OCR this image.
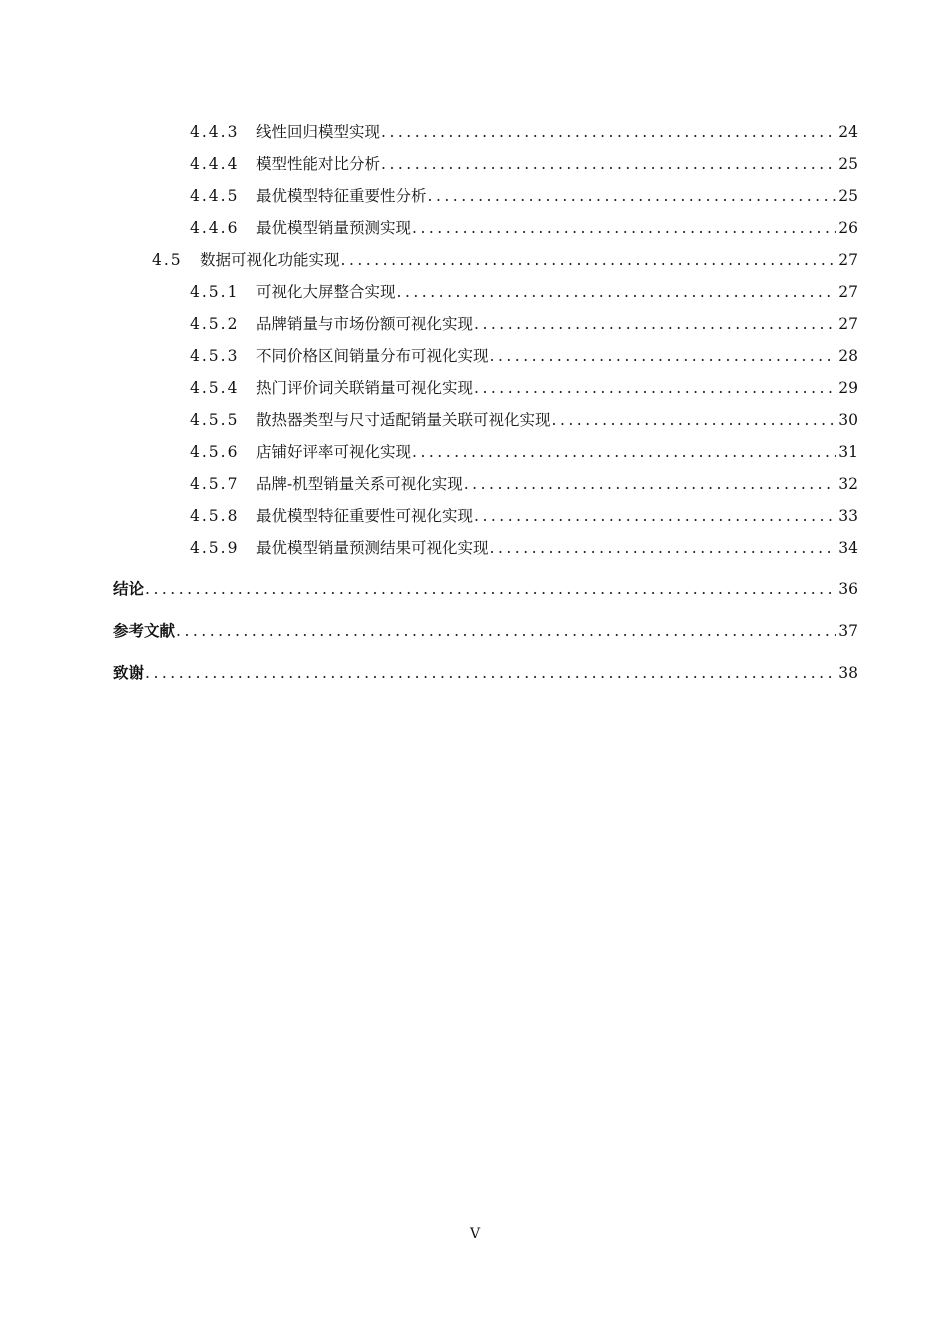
4.4.3	线性回归模型实现 .....	24
4.4.4	模型性能对比分析 .....	25
4.4.5	最优模型特征重要性分析 .....	25
4.4.6	最优模型销量预测实现 .....	26
4.5	数据可视化功能实现 .....	27
4.5.1	可视化大屏整合实现 .....	27
4.5.2	品牌销量与市场份额可视化实现 .....	27
4.5.3	不同价格区间销量分布可视化实现 .....	28
4.5.4	热门评价词关联销量可视化实现 .....	29
4.5.5	散热器类型与尺寸适配销量关联可视化实现 .....	30
4.5.6	店铺好评率可视化实现 .....	31
4.5.7	品牌-机型销量关系可视化实现 .....	32
4.5.8	最优模型特征重要性可视化实现 .....	33
4.5.9	最优模型销量预测结果可视化实现 .....	34
结论 .....	36
参考文献 .....	37
致谢 .....	38
V
